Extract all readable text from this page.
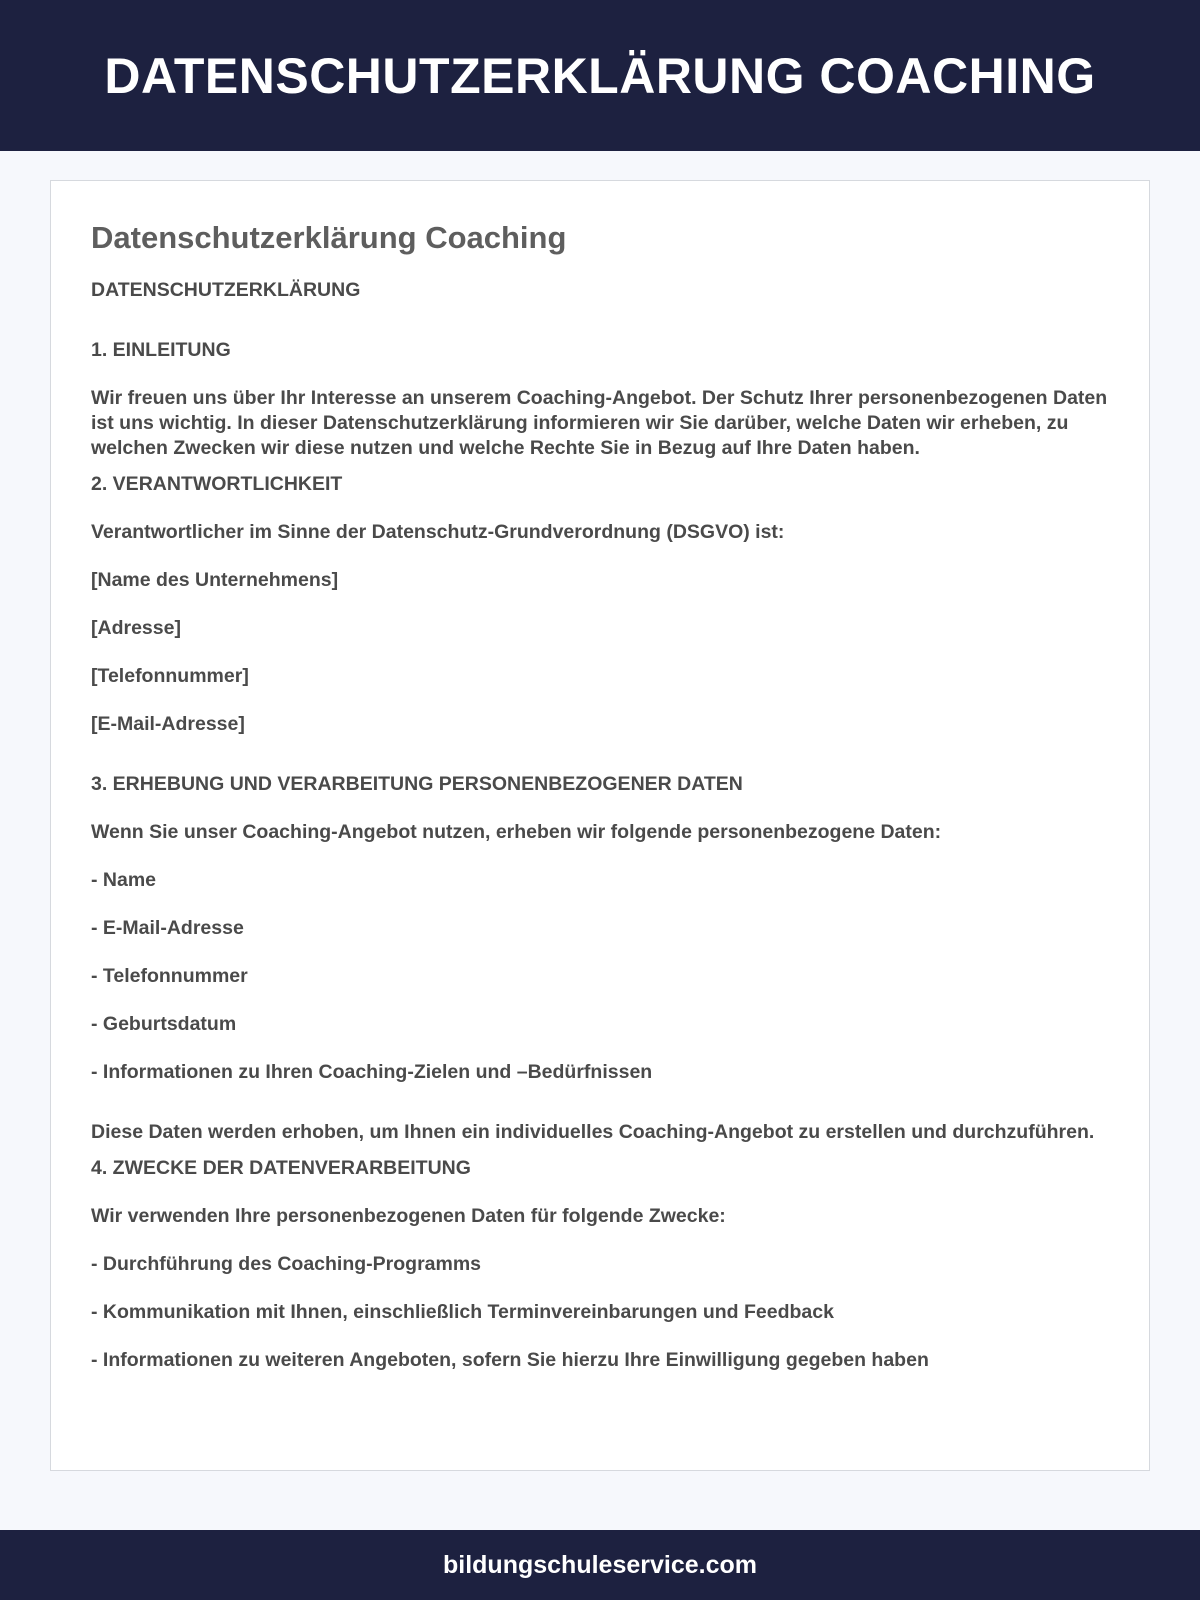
DATENSCHUTZERKLÄRUNG COACHING
Datenschutzerklärung Coaching

DATENSCHUTZERKLÄRUNG

1. EINLEITUNG

Wir freuen uns über Ihr Interesse an unserem Coaching-Angebot. Der Schutz Ihrer personenbezogenen Daten ist uns wichtig. In dieser Datenschutzerklärung informieren wir Sie darüber, welche Daten wir erheben, zu welchen Zwecken wir diese nutzen und welche Rechte Sie in Bezug auf Ihre Daten haben.

2. VERANTWORTLICHKEIT

Verantwortlicher im Sinne der Datenschutz-Grundverordnung (DSGVO) ist:

[Name des Unternehmens]

[Adresse]

[Telefonnummer]

[E-Mail-Adresse]

3. ERHEBUNG UND VERARBEITUNG PERSONENBEZOGENER DATEN

Wenn Sie unser Coaching-Angebot nutzen, erheben wir folgende personenbezogene Daten:

- Name

- E-Mail-Adresse

- Telefonnummer

- Geburtsdatum

- Informationen zu Ihren Coaching-Zielen und –Bedürfnissen

Diese Daten werden erhoben, um Ihnen ein individuelles Coaching-Angebot zu erstellen und durchzuführen.

4. ZWECKE DER DATENVERARBEITUNG

Wir verwenden Ihre personenbezogenen Daten für folgende Zwecke:

- Durchführung des Coaching-Programms

- Kommunikation mit Ihnen, einschließlich Terminvereinbarungen und Feedback

- Informationen zu weiteren Angeboten, sofern Sie hierzu Ihre Einwilligung gegeben haben

bildungschuleservice.com
